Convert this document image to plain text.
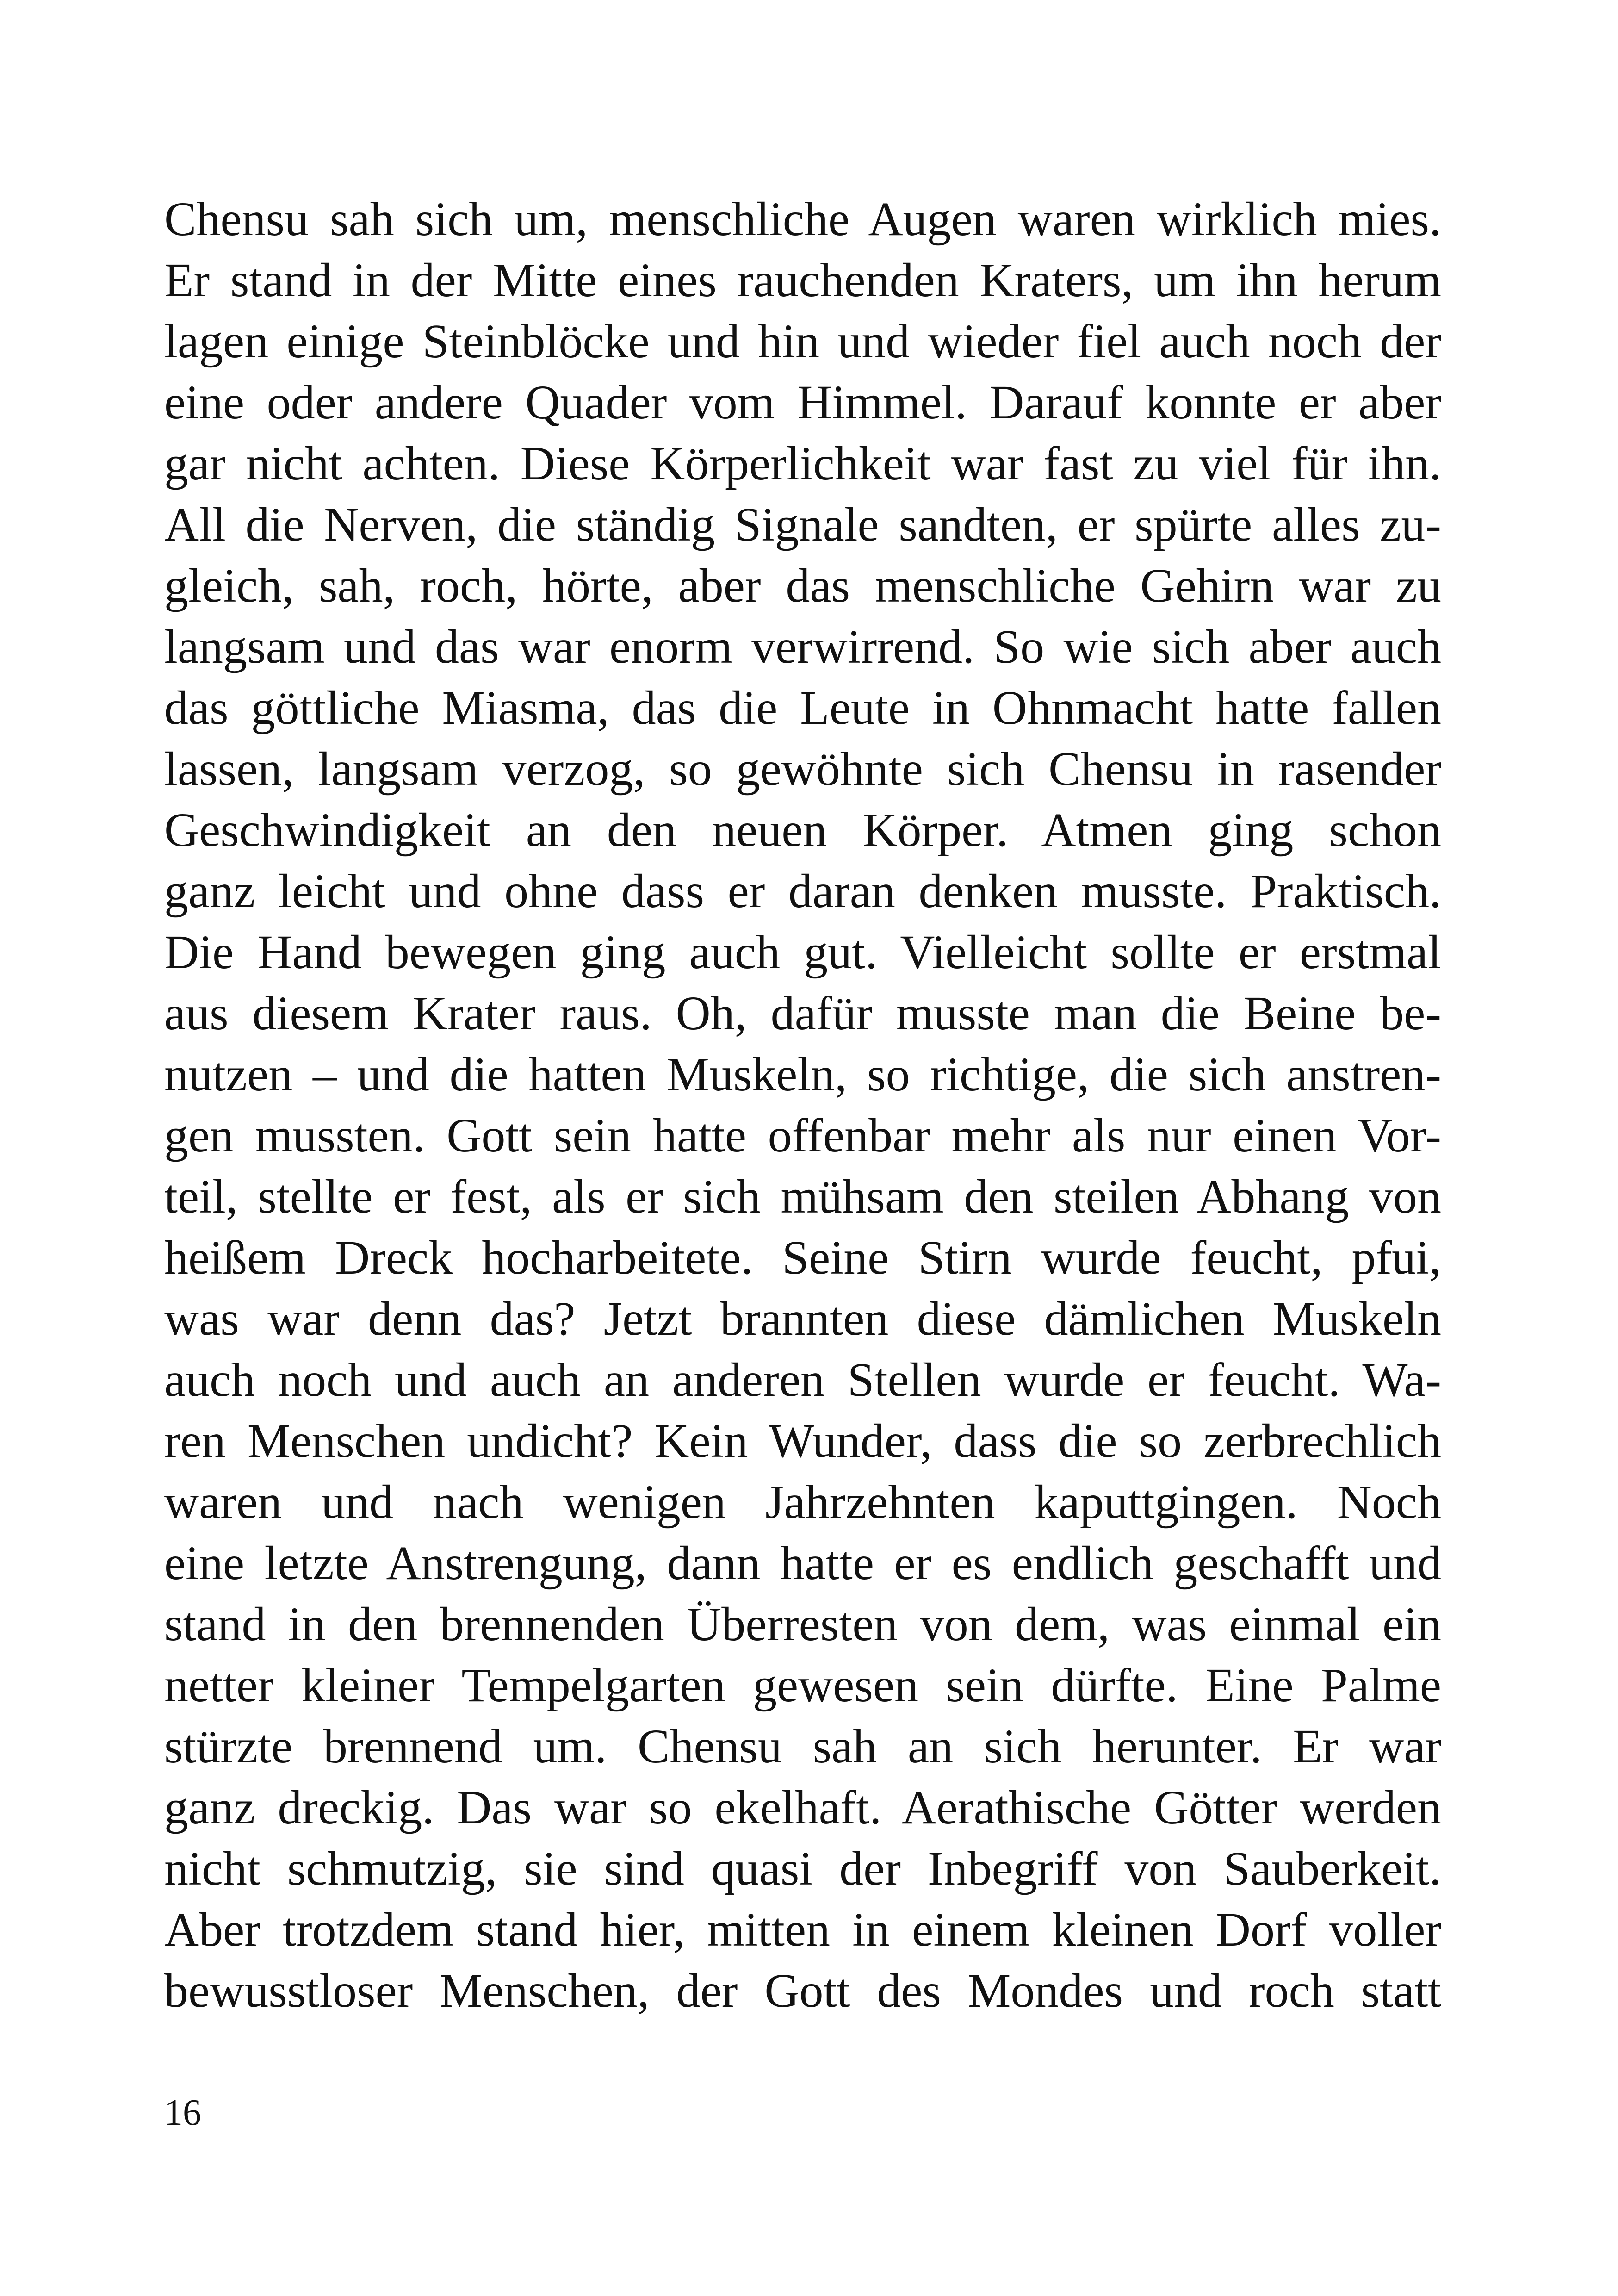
Chensu sah sich um, menschliche Augen waren wirklich mies.
Er stand in der Mitte eines rauchenden Kraters, um ihn herum
lagen einige Steinblöcke und hin und wieder fiel auch noch der
eine oder andere Quader vom Himmel. Darauf konnte er aber
gar nicht achten. Diese Körperlichkeit war fast zu viel für ihn.
All die Nerven, die ständig Signale sandten, er spürte alles zu-
gleich, sah, roch, hörte, aber das menschliche Gehirn war zu
langsam und das war enorm verwirrend. So wie sich aber auch
das göttliche Miasma, das die Leute in Ohnmacht hatte fallen
lassen, langsam verzog, so gewöhnte sich Chensu in rasender
Geschwindigkeit an den neuen Körper. Atmen ging schon
ganz leicht und ohne dass er daran denken musste. Praktisch.
Die Hand bewegen ging auch gut. Vielleicht sollte er erstmal
aus diesem Krater raus. Oh, dafür musste man die Beine be-
nutzen – und die hatten Muskeln, so richtige, die sich anstren-
gen mussten. Gott sein hatte offenbar mehr als nur einen Vor-
teil, stellte er fest, als er sich mühsam den steilen Abhang von
heißem Dreck hocharbeitete. Seine Stirn wurde feucht, pfui,
was war denn das? Jetzt brannten diese dämlichen Muskeln
auch noch und auch an anderen Stellen wurde er feucht. Wa-
ren Menschen undicht? Kein Wunder, dass die so zerbrechlich
waren und nach wenigen Jahrzehnten kaputtgingen. Noch
eine letzte Anstrengung, dann hatte er es endlich geschafft und
stand in den brennenden Überresten von dem, was einmal ein
netter kleiner Tempelgarten gewesen sein dürfte. Eine Palme
stürzte brennend um. Chensu sah an sich herunter. Er war
ganz dreckig. Das war so ekelhaft. Aerathische Götter werden
nicht schmutzig, sie sind quasi der Inbegriff von Sauberkeit.
Aber trotzdem stand hier, mitten in einem kleinen Dorf voller
bewusstloser Menschen, der Gott des Mondes und roch statt
16
